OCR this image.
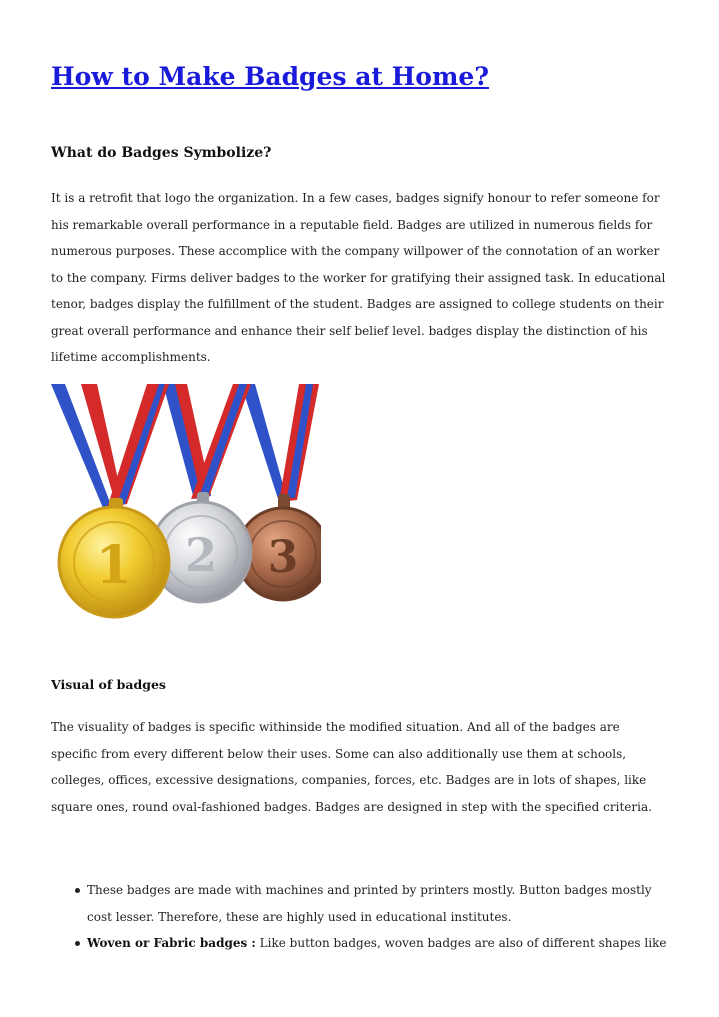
How to Make Badges at Home?
What do Badges Symbolize?

It is a retrofit that logo the organization. In a few cases, badges signify honour to refer someone for
his remarkable overall performance in a reputable field. Badges are utilized in numerous fields for
numerous purposes. These accomplice with the company willpower of the connotation of an worker
to the company. Firms deliver badges to the worker for gratifying their assigned task. In educational
tenor, badges display the fulfillment of the student. Badges are assigned to college students on their
great overall performance and enhance their self belief level. badges display the distinction of his
lifetime accomplishments.

3
2
1
Visual of badges

The visuality of badges is specific withinside the modified situation. And all of the badges are
specific from every different below their uses. Some can also additionally use them at schools,
colleges, offices, excessive designations, companies, forces, etc. Badges are in lots of shapes, like
square ones, round oval-fashioned badges. Badges are designed in step with the specified criteria.

These badges are made with machines and printed by printers mostly. Button badges mostly
cost lesser. Therefore, these are highly used in educational institutes.
Woven or Fabric badges : Like button badges, woven badges are also of different shapes like
